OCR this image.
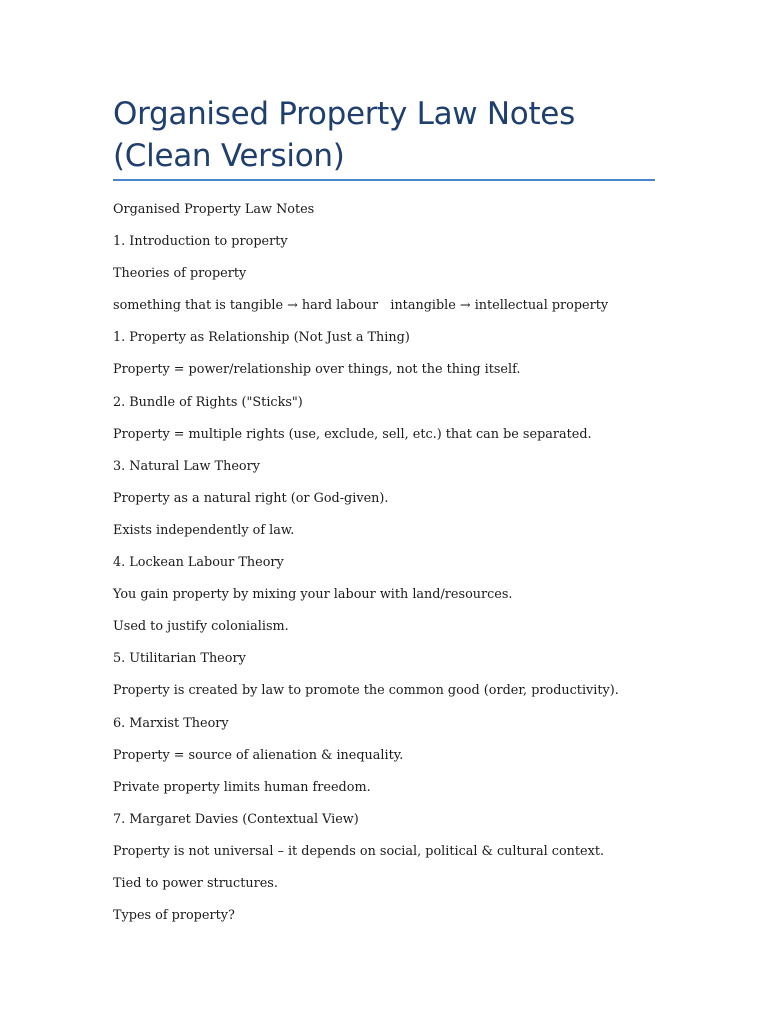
Organised Property Law Notes (Clean Version)

Organised Property Law Notes

1. Introduction to property

Theories of property

something that is tangible → hard labour   intangible → intellectual property

1. Property as Relationship (Not Just a Thing)

Property = power/relationship over things, not the thing itself.

2. Bundle of Rights ("Sticks")

Property = multiple rights (use, exclude, sell, etc.) that can be separated.

3. Natural Law Theory

Property as a natural right (or God-given).

Exists independently of law.

4. Lockean Labour Theory

You gain property by mixing your labour with land/resources.

Used to justify colonialism.

5. Utilitarian Theory

Property is created by law to promote the common good (order, productivity).

6. Marxist Theory

Property = source of alienation & inequality.

Private property limits human freedom.

7. Margaret Davies (Contextual View)

Property is not universal – it depends on social, political & cultural context.

Tied to power structures.

Types of property?
